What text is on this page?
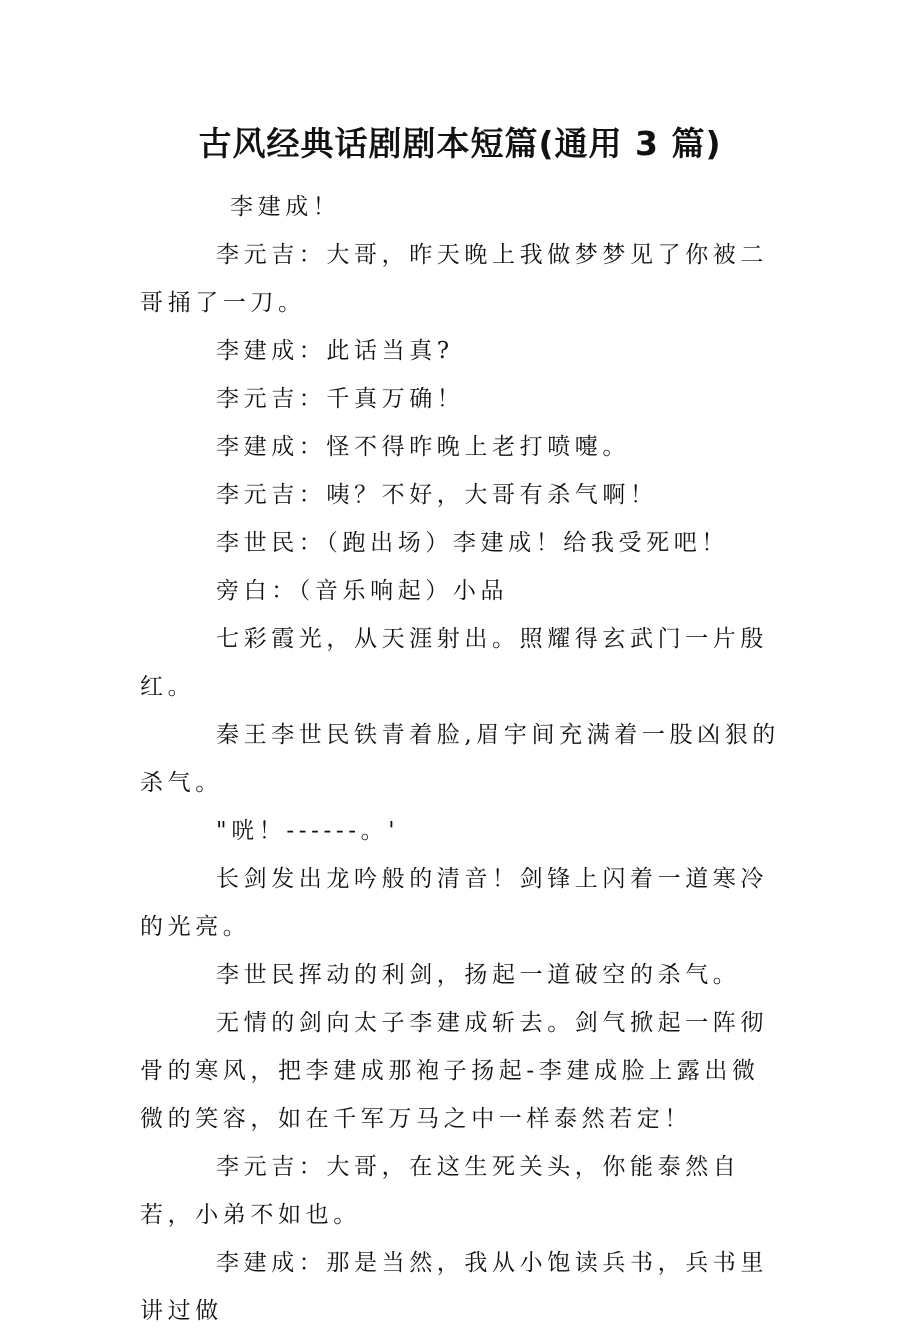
古风经典话剧剧本短篇(通用 3 篇)

李建成！

李元吉：大哥，昨天晚上我做梦梦见了你被二哥捅了一刀。

李建成：此话当真?

李元吉：千真万确！

李建成：怪不得昨晚上老打喷嚏。

李元吉：咦？不好，大哥有杀气啊！

李世民：（跑出场）李建成！给我受死吧！

旁白：（音乐响起）小品

七彩霞光，从天涯射出。照耀得玄武门一片殷红。

秦王李世民铁青着脸,眉宇间充满着一股凶狠的杀气。

"咣！------。'

长剑发出龙吟般的清音！剑锋上闪着一道寒冷的光亮。

李世民挥动的利剑，扬起一道破空的杀气。

无情的剑向太子李建成斩去。剑气掀起一阵彻骨的寒风，把李建成那袍子扬起-李建成脸上露出微微的笑容，如在千军万马之中一样泰然若定！

李元吉：大哥，在这生死关头，你能泰然自若，小弟不如也。

李建成：那是当然，我从小饱读兵书，兵书里讲过做
